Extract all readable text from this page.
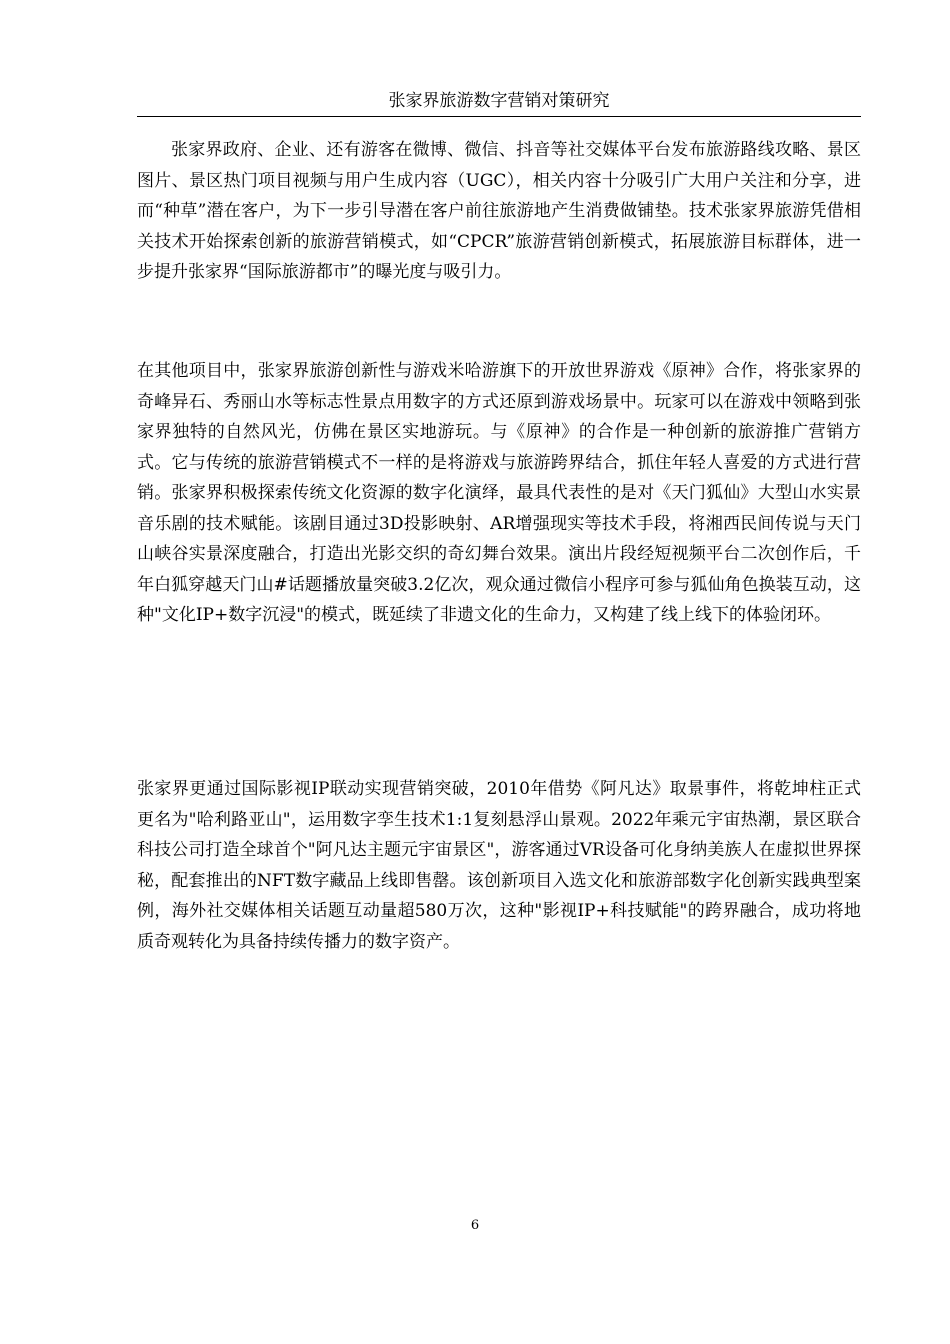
张家界旅游数字营销对策研究
张家界政府、企业、还有游客在微博、微信、抖音等社交媒体平台发布旅游路线攻略、景区图片、景区热门项目视频与用户生成内容（UGC），相关内容十分吸引广大用户关注和分享，进而“种草”潜在客户，为下一步引导潜在客户前往旅游地产生消费做铺垫。技术张家界旅游凭借相关技术开始探索创新的旅游营销模式，如“CPCR”旅游营销创新模式，拓展旅游目标群体，进一步提升张家界“国际旅游都市”的曝光度与吸引力。
在其他项目中，张家界旅游创新性与游戏米哈游旗下的开放世界游戏《原神》合作，将张家界的奇峰异石、秀丽山水等标志性景点用数字的方式还原到游戏场景中。玩家可以在游戏中领略到张家界独特的自然风光，仿佛在景区实地游玩。与《原神》的合作是一种创新的旅游推广营销方式。它与传统的旅游营销模式不一样的是将游戏与旅游跨界结合，抓住年轻人喜爱的方式进行营销。张家界积极探索传统文化资源的数字化演绎，最具代表性的是对《天门狐仙》大型山水实景音乐剧的技术赋能。该剧目通过3D投影映射、AR增强现实等技术手段，将湘西民间传说与天门山峡谷实景深度融合，打造出光影交织的奇幻舞台效果。演出片段经短视频平台二次创作后，千年白狐穿越天门山#话题播放量突破3.2亿次，观众通过微信小程序可参与狐仙角色换装互动，这种"文化IP+数字沉浸"的模式，既延续了非遗文化的生命力，又构建了线上线下的体验闭环。
张家界更通过国际影视IP联动实现营销突破，2010年借势《阿凡达》取景事件，将乾坤柱正式更名为"哈利路亚山"，运用数字孪生技术1:1复刻悬浮山景观。2022年乘元宇宙热潮，景区联合科技公司打造全球首个"阿凡达主题元宇宙景区"，游客通过VR设备可化身纳美族人在虚拟世界探秘，配套推出的NFT数字藏品上线即售罄。该创新项目入选文化和旅游部数字化创新实践典型案例，海外社交媒体相关话题互动量超580万次，这种"影视IP+科技赋能"的跨界融合，成功将地质奇观转化为具备持续传播力的数字资产。
6
